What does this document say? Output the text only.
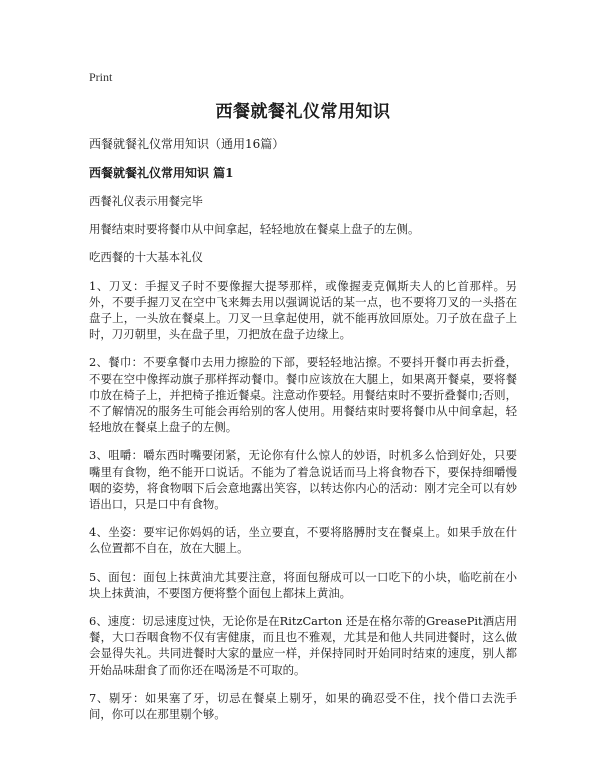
Print
西餐就餐礼仪常用知识
西餐就餐礼仪常用知识（通用16篇）
西餐就餐礼仪常用知识 篇1
西餐礼仪表示用餐完毕
用餐结束时要将餐巾从中间拿起，轻轻地放在餐桌上盘子的左侧。
吃西餐的十大基本礼仪
1、刀叉：手握叉子时不要像握大提琴那样，或像握麦克佩斯夫人的匕首那样。另外，不要手握刀叉在空中飞来舞去用以强调说话的某一点，也不要将刀叉的一头搭在盘子上，一头放在餐桌上。刀叉一旦拿起使用，就不能再放回原处。刀子放在盘子上时，刀刃朝里，头在盘子里，刀把放在盘子边缘上。
2、餐巾：不要拿餐巾去用力擦脸的下部，要轻轻地沾擦。不要抖开餐巾再去折叠，不要在空中像挥动旗子那样挥动餐巾。餐巾应该放在大腿上，如果离开餐桌，要将餐巾放在椅子上，并把椅子推近餐桌。注意动作要轻。用餐结束时不要折叠餐巾;否则，不了解情况的服务生可能会再给别的客人使用。用餐结束时要将餐巾从中间拿起，轻轻地放在餐桌上盘子的左侧。
3、咀嚼：嚼东西时嘴要闭紧，无论你有什么惊人的妙语，时机多么恰到好处，只要嘴里有食物，绝不能开口说话。不能为了着急说话而马上将食物吞下，要保持细嚼慢咽的姿势，将食物咽下后会意地露出笑容，以转达你内心的活动：刚才完全可以有妙语出口，只是口中有食物。
4、坐姿：要牢记你妈妈的话，坐立要直，不要将胳膊肘支在餐桌上。如果手放在什么位置都不自在，放在大腿上。
5、面包：面包上抹黄油尤其要注意，将面包掰成可以一口吃下的小块，临吃前在小块上抹黄油，不要图方便将整个面包上都抹上黄油。
6、速度：切忌速度过快，无论你是在RitzCarton 还是在格尔蒂的GreasePit酒店用餐，大口吞咽食物不仅有害健康，而且也不雅观，尤其是和他人共同进餐时，这么做会显得失礼。共同进餐时大家的量应一样，并保持同时开始同时结束的速度，别人都开始品味甜食了而你还在喝汤是不可取的。
7、剔牙：如果塞了牙，切忌在餐桌上剔牙，如果的确忍受不住，找个借口去洗手间，你可以在那里剔个够。
